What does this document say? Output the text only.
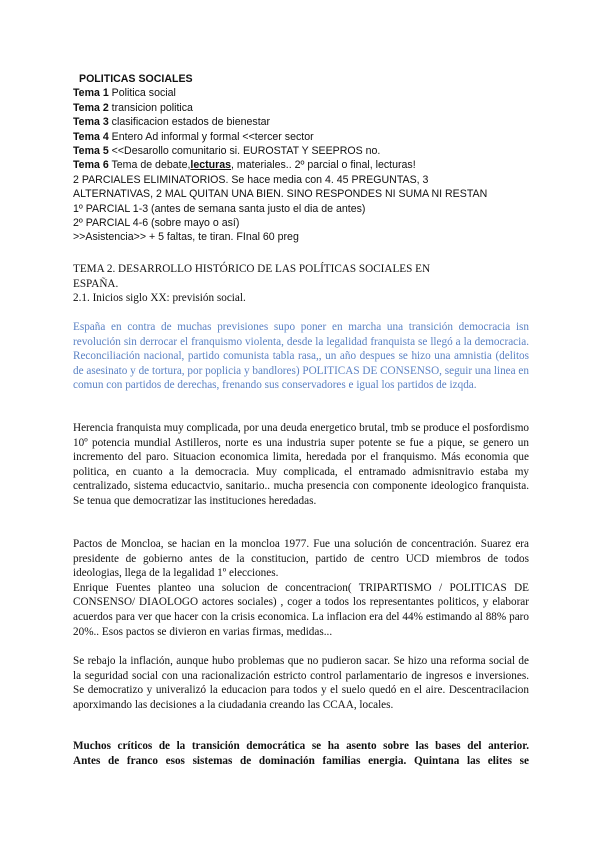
POLITICAS SOCIALES
Tema 1 Politica social
Tema 2 transicion politica
Tema 3 clasificacion estados de bienestar
Tema 4 Entero Ad informal y formal <<tercer sector
Tema 5 <<Desarollo comunitario si. EUROSTAT Y SEEPROS no.
Tema 6 Tema de debate,lecturas, materiales.. 2º parcial o final, lecturas!
2 PARCIALES ELIMINATORIOS. Se hace media con 4. 45 PREGUNTAS, 3
ALTERNATIVAS, 2 MAL QUITAN UNA BIEN. SINO RESPONDES NI SUMA NI RESTAN
1º PARCIAL 1-3 (antes de semana santa justo el dia de antes)
2º PARCIAL 4-6 (sobre mayo o así)
>>Asistencia>> + 5 faltas, te tiran. FInal 60 preg
TEMA 2. DESARROLLO HISTÓRICO DE LAS POLÍTICAS SOCIALES EN
ESPAÑA.
2.1. Inicios siglo XX: previsión social.
España en contra de muchas previsiones supo poner en marcha una transición democracia isn revolución sin derrocar el franquismo violenta, desde la legalidad franquista se llegó a la democracia. Reconciliación nacional, partido comunista tabla rasa,, un año despues se hizo una amnistia (delitos de asesinato y de tortura, por poplicia y bandlores) POLITICAS DE CONSENSO, seguir una linea en comun con partidos de derechas, frenando sus conservadores e igual los partidos de izqda.
Herencia franquista muy complicada, por una deuda energetico brutal, tmb se produce el posfordismo 10º potencia mundial Astilleros, norte es una industria super potente se fue a pique, se genero un incremento del paro. Situacion economica limita, heredada por el franquismo. Más economia que politica, en cuanto a la democracia. Muy complicada, el entramado admisnitravio estaba my centralizado, sistema educactvio, sanitario.. mucha presencia con componente ideologico franquista. Se tenua que democratizar las instituciones heredadas.
Pactos de Moncloa, se hacian en la moncloa 1977. Fue una solución de concentración. Suarez era presidente de gobierno antes de la constitucion, partido de centro UCD miembros de todos ideologias, llega de la legalidad 1º elecciones.
Enrique Fuentes planteo una solucion de concentracion( TRIPARTISMO / POLITICAS DE CONSENSO/ DIAOLOGO actores sociales) , coger a todos los representantes politicos, y elaborar acuerdos para ver que hacer con la crisis economica. La inflacion era del 44% estimando al 88% paro 20%.. Esos pactos se divieron en varias firmas, medidas...
Se rebajo la inflación, aunque hubo problemas que no pudieron sacar. Se hizo una reforma social de la seguridad social con una racionalización estricto control parlamentario de ingresos e inversiones. Se democratizo y univeralizó la educacion para todos y el suelo quedó en el aire. Descentracilacion aporximando las decisiones a la ciudadania creando las CCAA, locales.
Muchos críticos de la transición democrática se ha asento sobre las bases del anterior.
Antes de franco esos sistemas de dominación familias energia. Quintana las elites se
